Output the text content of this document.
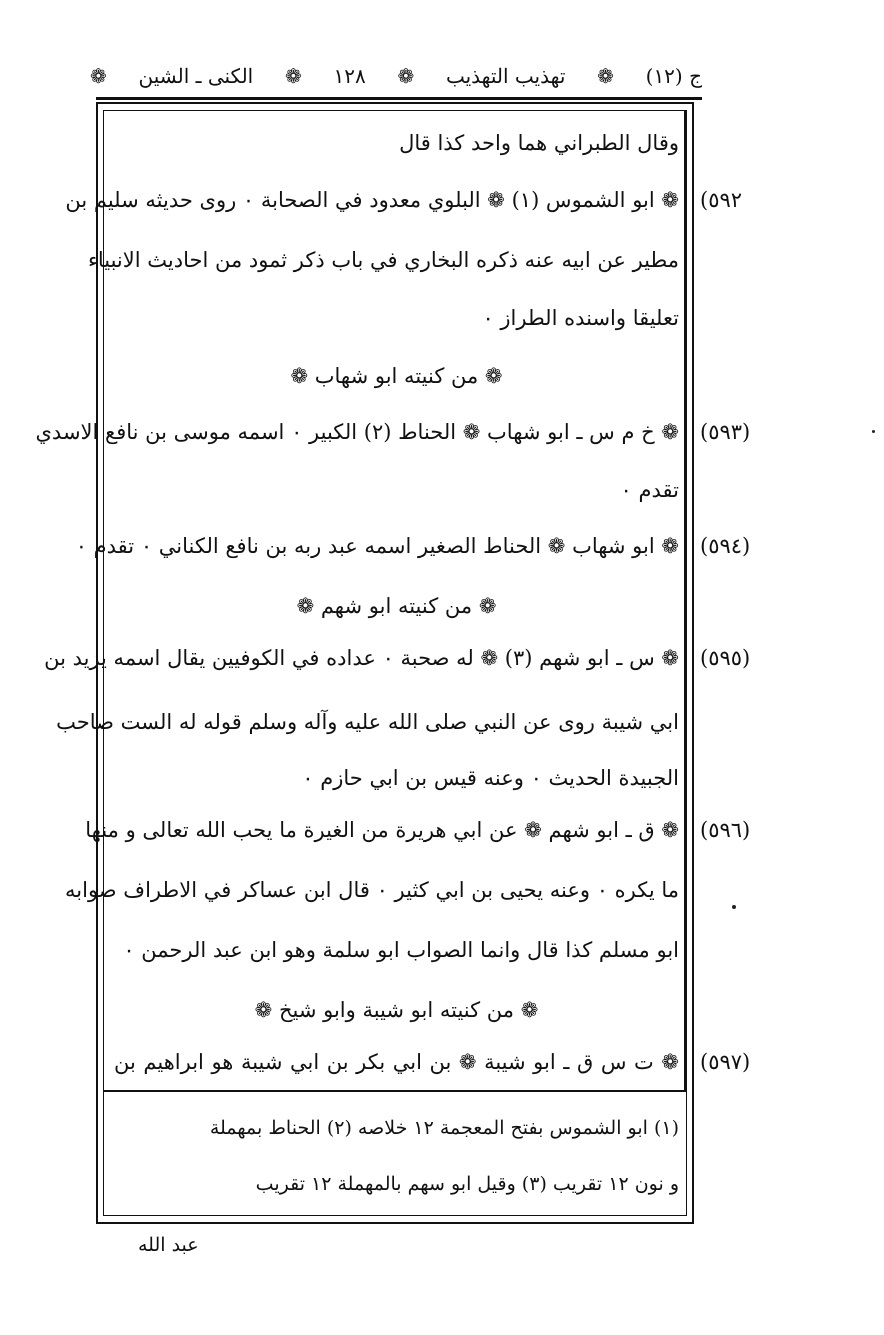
ج (١٢)
❁
تهذيب التهذيب
❁
١٢٨
❁
الكنى ـ الشين
❁
وقال الطبراني هما واحد كذا قال
(٥٩٢
❁ ابو الشموس (١) ❁ البلوي معدود في الصحابة ۰ روى حديثه سليم بن
مطير عن ابيه عنه ذكره البخاري في باب ذكر ثمود من احاديث الانبياء
تعليقا واسنده الطراز ۰
❁ من كنيته ابو شهاب ❁
(٥٩٣)
❁ خ م س ـ ابو شهاب ❁ الحناط (٢) الكبير ۰ اسمه موسى بن نافع الاسدي
تقدم ۰
(٥٩٤)
❁ ابو شهاب ❁ الحناط الصغير اسمه عبد ربه بن نافع الكناني ۰ تقدم ۰
❁ من كنيته ابو شهم ❁
(٥٩٥)
❁ س ـ ابو شهم (٣) ❁ له صحبة ۰ عداده في الكوفيين يقال اسمه يزيد بن
ابي شيبة روى عن النبي صلى الله عليه وآله وسلم قوله له الست صاحب
الجبيدة الحديث ۰ وعنه قيس بن ابي حازم ۰
(٥٩٦)
❁ ق ـ ابو شهم ❁ عن ابي هريرة من الغيرة ما يحب الله تعالى و منها
ما يكره ۰ وعنه يحيى بن ابي كثير ۰ قال ابن عساكر في الاطراف صوابه
ابو مسلم كذا قال وانما الصواب ابو سلمة وهو ابن عبد الرحمن ۰
❁ من كنيته ابو شيبة وابو شيخ ❁
(٥٩٧)
❁ ت س ق ـ ابو شيبة ❁ بن ابي بكر بن ابي شيبة هو ابراهيم بن
(١) ابو الشموس بفتح المعجمة ١٢ خلاصه (٢) الحناط بمهملة
و نون ١٢ تقريب (٣) وقيل ابو سهم بالمهملة ١٢ تقريب
عبد الله
